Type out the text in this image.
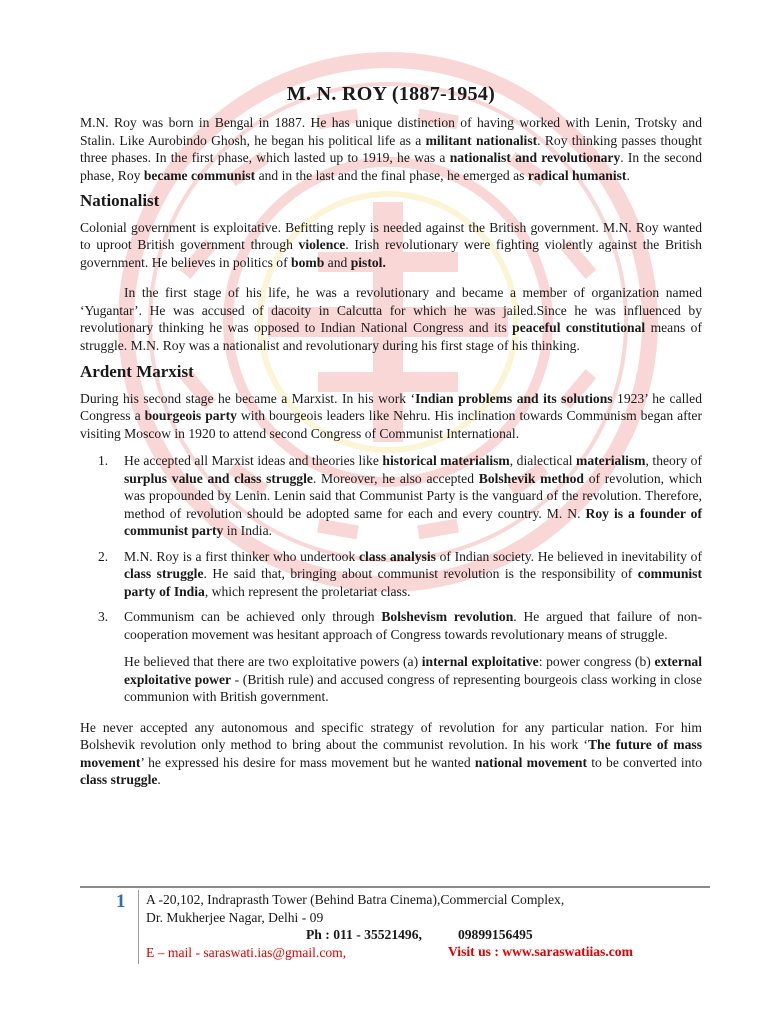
M. N. ROY (1887-1954)

M.N. Roy was born in Bengal in 1887. He has unique distinction of having worked with Lenin, Trotsky and Stalin. Like Aurobindo Ghosh, he began his political life as a militant nationalist. Roy thinking passes thought three phases. In the first phase, which lasted up to 1919, he was a nationalist and revolutionary. In the second phase, Roy became communist and in the last and the final phase, he emerged as radical humanist.

Nationalist

Colonial government is exploitative. Befitting reply is needed against the British government. M.N. Roy wanted to uproot British government through violence. Irish revolutionary were fighting violently against the British government. He believes in politics of bomb and pistol.

In the first stage of his life, he was a revolutionary and became a member of organization named ‘Yugantar’. He was accused of dacoity in Calcutta for which he was jailed.Since he was influenced by revolutionary thinking he was opposed to Indian National Congress and its peaceful constitutional means of struggle. M.N. Roy was a nationalist and revolutionary during his first stage of his thinking.

Ardent Marxist

During his second stage he became a Marxist. In his work ‘Indian problems and its solutions 1923’ he called Congress a bourgeois party with bourgeois leaders like Nehru. His inclination towards Communism began after visiting Moscow in 1920 to attend second Congress of Communist International.

1.	He accepted all Marxist ideas and theories like historical materialism, dialectical materialism, theory of surplus value and class struggle. Moreover, he also accepted Bolshevik method of revolution, which was propounded by Lenin. Lenin said that Communist Party is the vanguard of the revolution. Therefore, method of revolution should be adopted same for each and every country. M. N. Roy is a founder of communist party in India.
2.	M.N. Roy is a first thinker who undertook class analysis of Indian society. He believed in inevitability of class struggle. He said that, bringing about communist revolution is the responsibility of communist party of India, which represent the proletariat class.
3.	Communism can be achieved only through Bolshevism revolution. He argued that failure of non-cooperation movement was hesitant approach of Congress towards revolutionary means of struggle.

He believed that there are two exploitative powers (a) internal exploitative: power congress (b) external exploitative power - (British rule) and accused congress of representing bourgeois class working in close communion with British government.

He never accepted any autonomous and specific strategy of revolution for any particular nation. For him Bolshevik revolution only method to bring about the communist revolution. In his work ‘The future of mass movement’ he expressed his desire for mass movement but he wanted national movement to be converted into class struggle.

1 A -20,102, Indraprasth Tower (Behind Batra Cinema),Commercial Complex,
Dr. Mukherjee Nagar, Delhi - 09
Ph : 011 - 35521496,	09899156495
E – mail - saraswati.ias@gmail.com,	Visit us : www.saraswatiias.com
